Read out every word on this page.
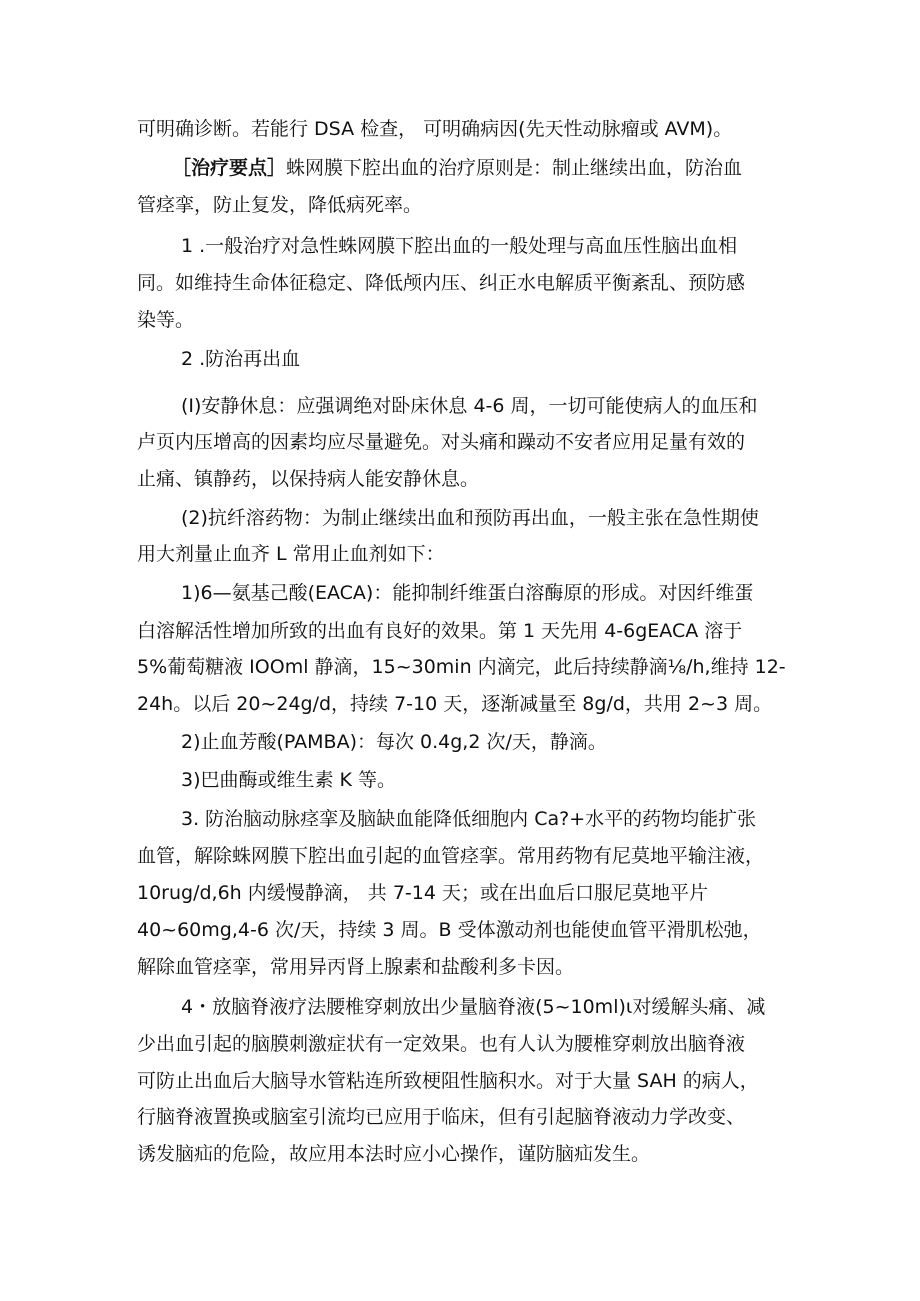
可明确诊断。若能行 DSA 检查， 可明确病因(先天性动脉瘤或 AVM)。

［治疗要点］蛛网膜下腔出血的治疗原则是：制止继续出血，防治血

管痉挛，防止复发，降低病死率。

1 .一般治疗对急性蛛网膜下腔出血的一般处理与高血压性脑出血相

同。如维持生命体征稳定、降低颅内压、纠正水电解质平衡紊乱、预防感

染等。

2 .防治再出血

(I)安静休息：应强调绝对卧床休息 4-6 周，一切可能使病人的血压和

卢页内压增高的因素均应尽量避免。对头痛和躁动不安者应用足量有效的

止痛、镇静药，以保持病人能安静休息。

(2)抗纤溶药物：为制止继续出血和预防再出血，一般主张在急性期使

用大剂量止血齐 L 常用止血剂如下：

1)6—氨基己酸(EACA)：能抑制纤维蛋白溶酶原的形成。对因纤维蛋

白溶解活性增加所致的出血有良好的效果。第 1 天先用 4-6gEACA 溶于

5%葡萄糖液 IOOml 静滴，15~30min 内滴完，此后持续静滴⅛∕h,维持 12-

24h。以后 20~24g/d，持续 7-10 天，逐渐减量至 8g∕d，共用 2~3 周。

2)止血芳酸(PAMBA)：每次 0.4g,2 次/天，静滴。

3)巴曲酶或维生素 K 等。

3. 防治脑动脉痉挛及脑缺血能降低细胞内 Ca?+水平的药物均能扩张

血管，解除蛛网膜下腔出血引起的血管痉挛。常用药物有尼莫地平输注液，

10rug∕d,6h 内缓慢静滴， 共 7-14 天；或在出血后口服尼莫地平片

40~60mg,4-6 次/天，持续 3 周。B 受体激动剂也能使血管平滑肌松弛，

解除血管痉挛，常用异丙肾上腺素和盐酸利多卡因。

4・放脑脊液疗法腰椎穿刺放出少量脑脊液(5~10ml)ι对缓解头痛、减

少出血引起的脑膜刺激症状有一定效果。也有人认为腰椎穿刺放出脑脊液

可防止出血后大脑导水管粘连所致梗阻性脑积水。对于大量 SAH 的病人，

行脑脊液置换或脑室引流均已应用于临床，但有引起脑脊液动力学改变、

诱发脑疝的危险，故应用本法时应小心操作，谨防脑疝发生。
